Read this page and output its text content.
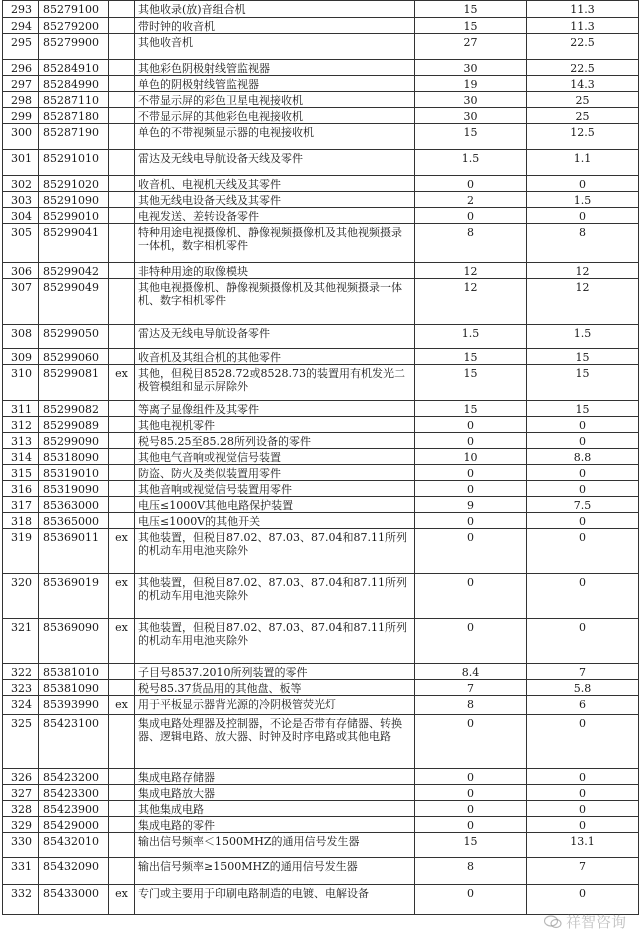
293	85279100		其他收录(放)音组合机	15	11.3

294	85279200		带时钟的收音机	15	11.3

295	85279900		其他收音机	27	22.5

296	85284910		其他彩色阴极射线管监视器	30	22.5

297	85284990		单色的阴极射线管监视器	19	14.3

298	85287110		不带显示屏的彩色卫星电视接收机	30	25

299	85287180		不带显示屏的其他彩色电视接收机	30	25

300	85287190		单色的不带视频显示器的电视接收机	15	12.5

301	85291010		雷达及无线电导航设备天线及零件	1.5	1.1

302	85291020		收音机、电视机天线及其零件	0	0

303	85291090		其他无线电设备天线及其零件	2	1.5

304	85299010		电视发送、差转设备零件	0	0

305	85299041		特种用途电视摄像机、静像视频摄像机及其他视频摄录一体机，数字相机零件	8	8

306	85299042		非特种用途的取像模块	12	12

307	85299049		其他电视摄像机、静像视频摄像机及其他视频摄录一体机、数字相机零件	12	12

308	85299050		雷达及无线电导航设备零件	1.5	1.5

309	85299060		收音机及其组合机的其他零件	15	15

310	85299081	ex	其他，但税目8528.72或8528.73的装置用有机发光二极管模组和显示屏除外	15	15

311	85299082		等离子显像组件及其零件	15	15

312	85299089		其他电视机零件	0	0

313	85299090		税号85.25至85.28所列设备的零件	0	0

314	85318090		其他电气音响或视觉信号装置	10	8.8

315	85319010		防盗、防火及类似装置用零件	0	0

316	85319090		其他音响或视觉信号装置用零件	0	0

317	85363000		电压≤1000V其他电路保护装置	9	7.5

318	85365000		电压≤1000V的其他开关	0	0

319	85369011	ex	其他装置，但税目87.02、87.03、87.04和87.11所列的机动车用电池夹除外	0	0

320	85369019	ex	其他装置，但税目87.02、87.03、87.04和87.11所列的机动车用电池夹除外	0	0

321	85369090	ex	其他装置，但税目87.02、87.03、87.04和87.11所列的机动车用电池夹除外	0	0

322	85381010		子目号8537.2010所列装置的零件	8.4	7

323	85381090		税号85.37货品用的其他盘、板等	7	5.8

324	85393990	ex	用于平板显示器背光源的冷阴极管荧光灯	8	6

325	85423100		集成电路处理器及控制器，不论是否带有存储器、转换器、逻辑电路、放大器、时钟及时序电路或其他电路	0	0

326	85423200		集成电路存储器	0	0

327	85423300		集成电路放大器	0	0

328	85423900		其他集成电路	0	0

329	85429000		集成电路的零件	0	0

330	85432010		输出信号频率＜1500MHZ的通用信号发生器	15	13.1

331	85432090		输出信号频率≥1500MHZ的通用信号发生器	8	7

332	85433000	ex	专门或主要用于印刷电路制造的电镀、电解设备	0	0
祥智咨询
